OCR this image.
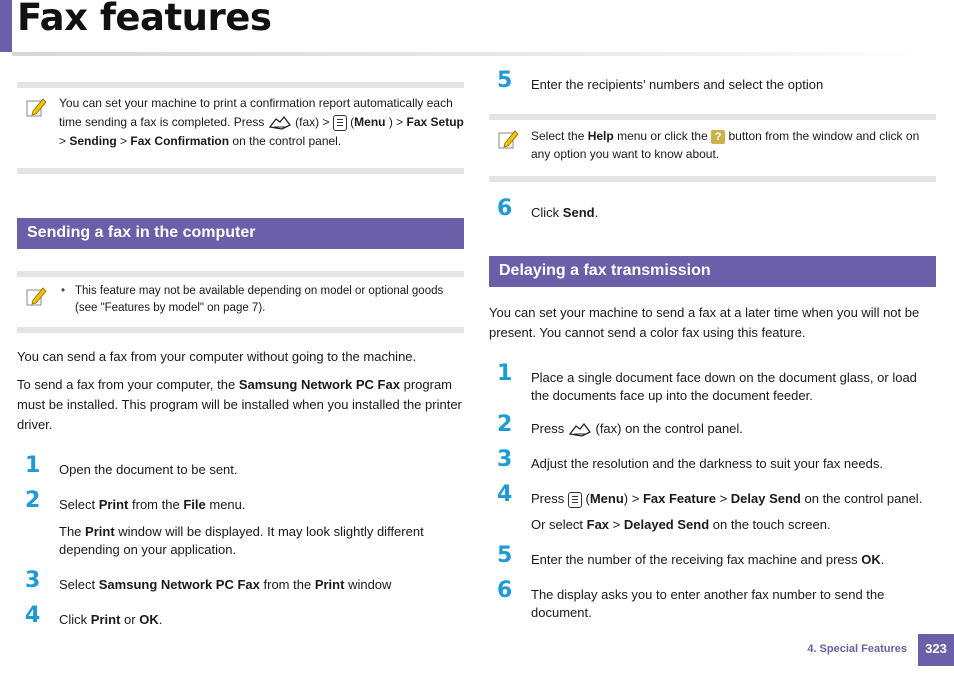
Fax features
You can set your machine to print a confirmation report automatically each time sending a fax is completed. Press	(fax) > (Menu ) > Fax Setup > Sending > Fax Confirmation on the control panel.
Sending a fax in the computer
• This feature may not be available depending on model or optional goods (see "Features by model" on page 7).

You can send a fax from your computer without going to the machine.

To send a fax from your computer, the Samsung Network PC Fax program must be installed. This program will be installed when you installed the printer driver.

1 Open the document to be sent.
2 Select Print from the File menu.
The Print window will be displayed. It may look slightly different depending on your application.
3 Select Samsung Network PC Fax from the Print window
4 Click Print or OK.
5 Enter the recipients’ numbers and select the option
Select the Help menu or click the ? button from the window and click on any option you want to know about.
6 Click Send.
Delaying a fax transmission

You can set your machine to send a fax at a later time when you will not be present. You cannot send a color fax using this feature.

1 Place a single document face down on the document glass, or load the documents face up into the document feeder.
2 Press (fax) on the control panel.
3 Adjust the resolution and the darkness to suit your fax needs.
4 Press (Menu) > Fax Feature > Delay Send on the control panel.
Or select Fax > Delayed Send on the touch screen.
5 Enter the number of the receiving fax machine and press OK.
6 The display asks you to enter another fax number to send the document.
4. Special Features	323
